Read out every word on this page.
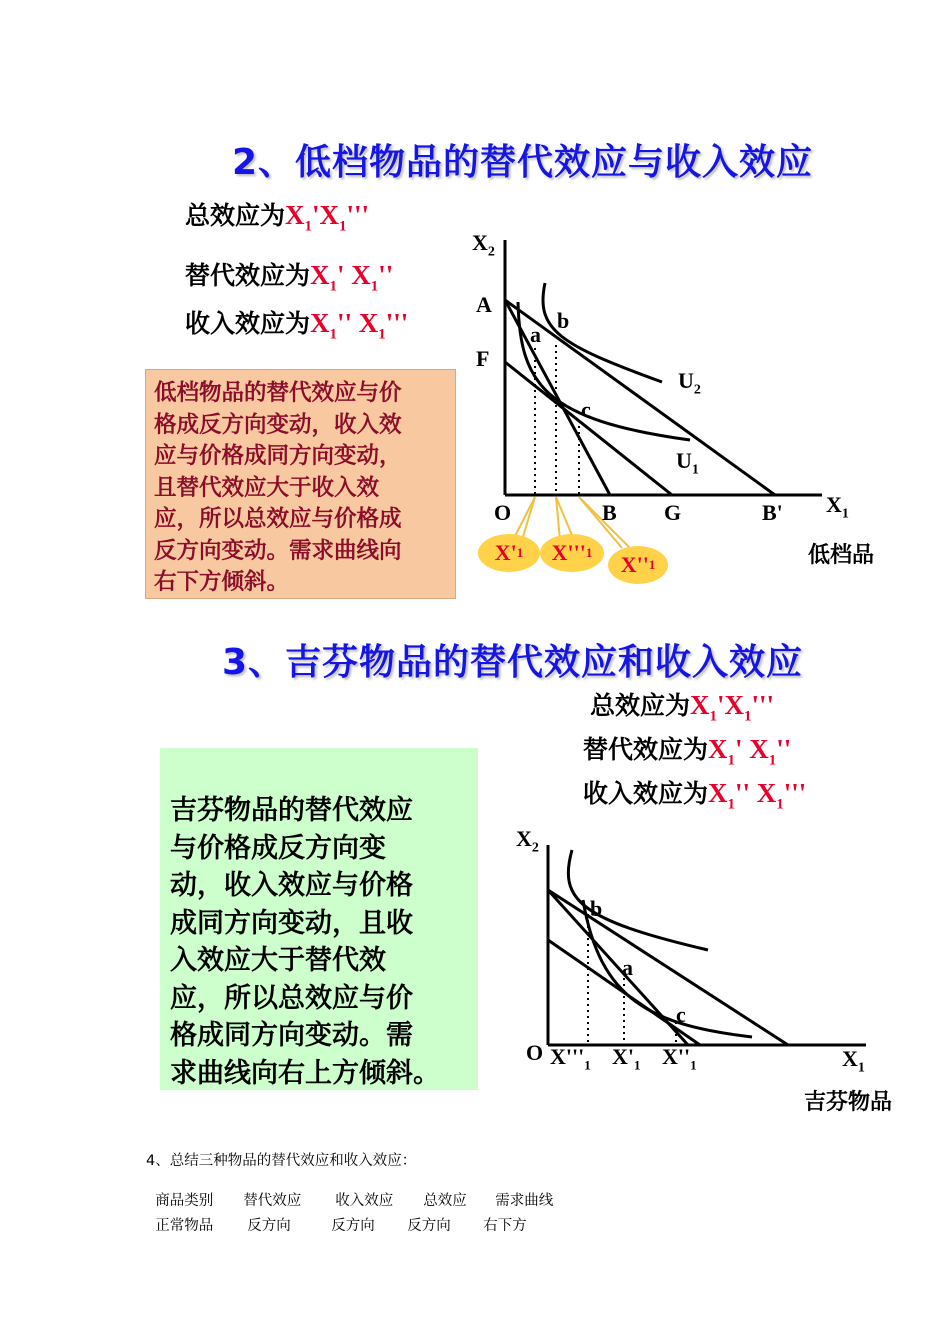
2、低档物品的替代效应与收入效应
总效应为$X_1'X_1'''$
替代效应为$X_1'$ $X_1''$
收入效应为$X_1''$ $X_1'''$
低档物品的替代效应与价
格成反方向变动，收入效
应与价格成同方向变动，
且替代效应大于收入效
应，所以总效应与价格成
反方向变动。需求曲线向
右下方倾斜。
$X_2$
A
F
a
b
c
$U_2$
$U_1$
O	B G	B' $X_1$
X' 1 X''' 1 X'' 1	低档品
3、吉芬物品的替代效应和收入效应
总效应为$X_1'X_1'''$
替代效应为$X_1'$ $X_1''$
收入效应为$X_1''$ $X_1'''$
吉芬物品的替代效应
与价格成反方向变
动，收入效应与价格
成同方向变动，且收
入效应大于替代效
应，所以总效应与价
格成同方向变动。需
求曲线向右上方倾斜。
$X_2$
b
a
c
O $X'''_1$ $X'_1$ $X''_1$	$X_1$
吉芬物品
4、总结三种物品的替代效应和收入效应：

商品类别 替代效应 收入效应 总效应 需求曲线

正常物品 反方向	反方向 反方向 右下方
